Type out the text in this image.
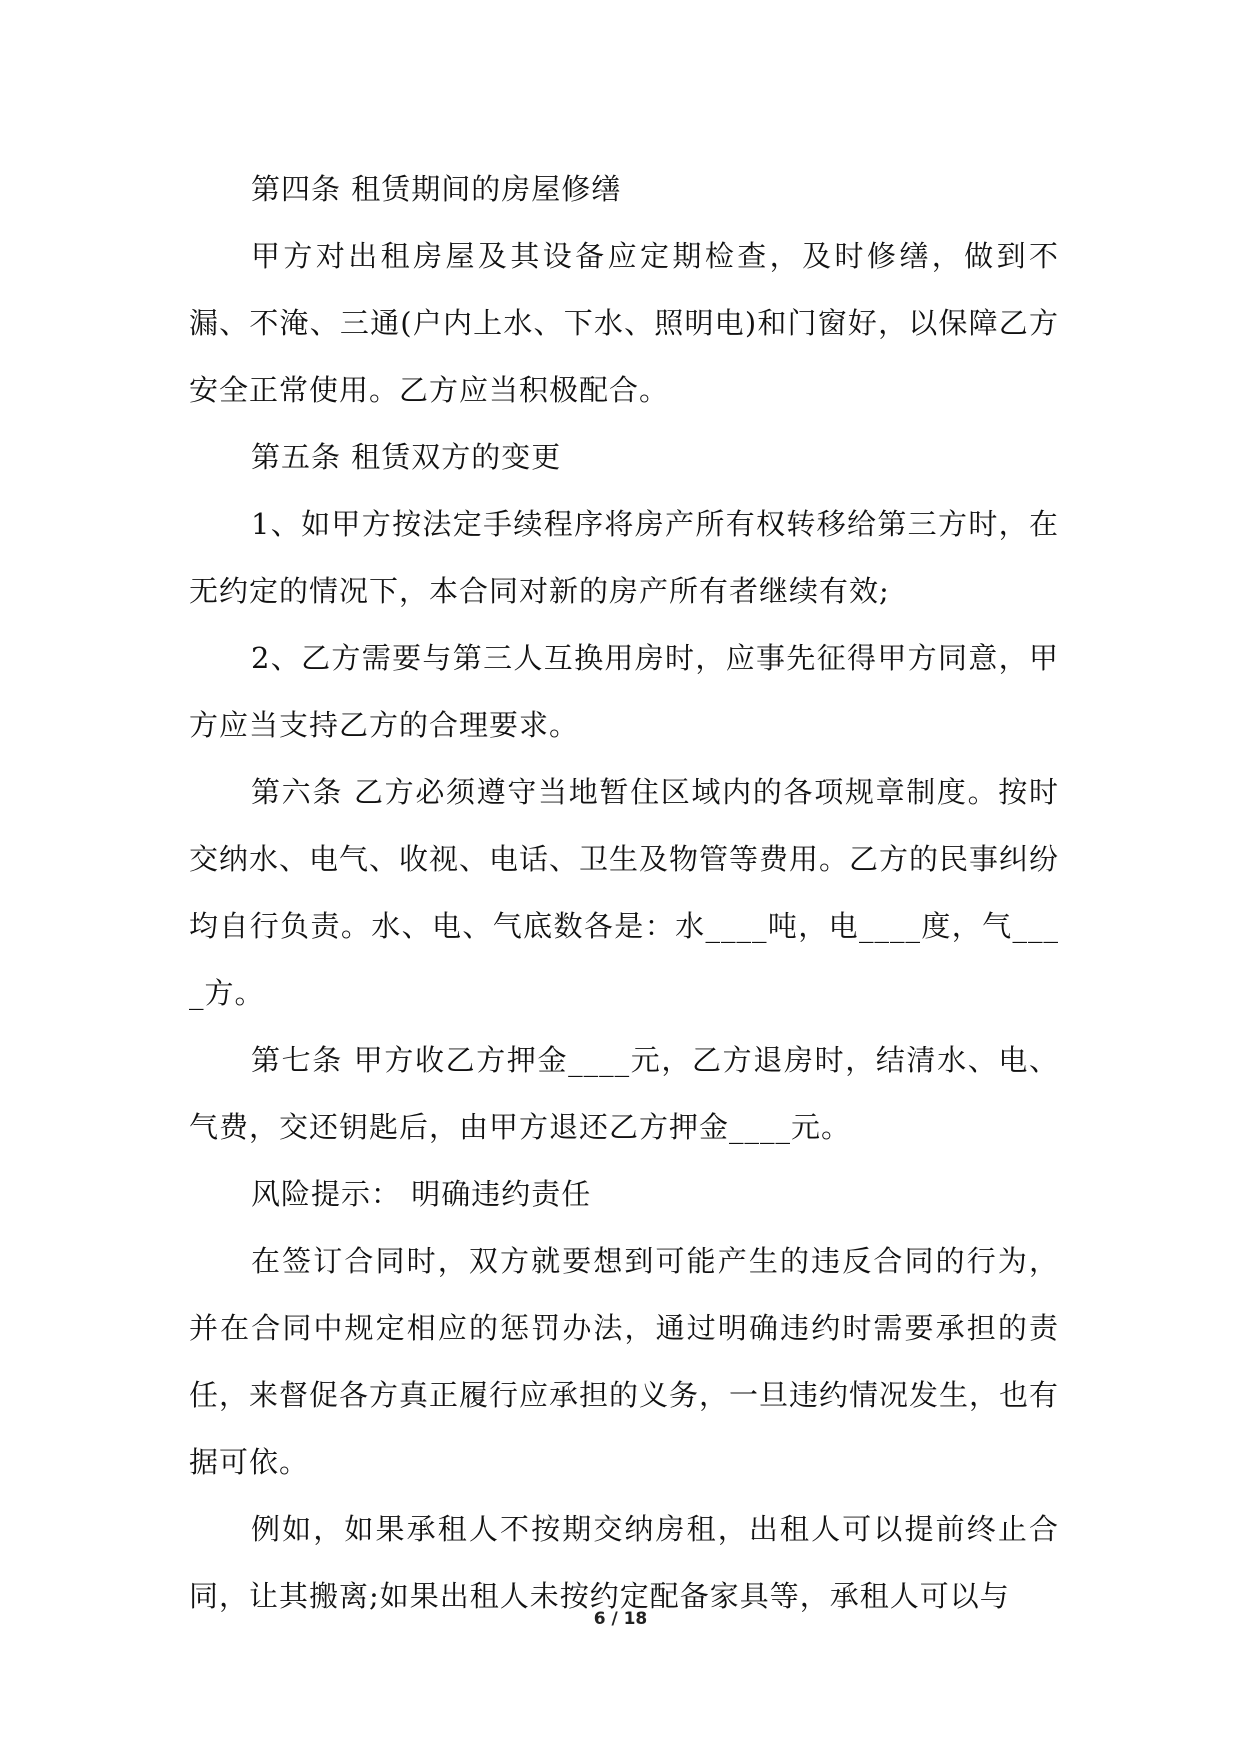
第四条 租赁期间的房屋修缮

甲方对出租房屋及其设备应定期检查，及时修缮，做到不漏、不淹、三通(户内上水、下水、照明电)和门窗好，以保障乙方安全正常使用。乙方应当积极配合。

第五条 租赁双方的变更

1、如甲方按法定手续程序将房产所有权转移给第三方时，在无约定的情况下，本合同对新的房产所有者继续有效;

2、乙方需要与第三人互换用房时，应事先征得甲方同意，甲方应当支持乙方的合理要求。

第六条 乙方必须遵守当地暂住区域内的各项规章制度。按时交纳水、电气、收视、电话、卫生及物管等费用。乙方的民事纠纷均自行负责。水、电、气底数各是：水____吨，电____度，气____方。

第七条 甲方收乙方押金____元，乙方退房时，结清水、电、气费，交还钥匙后，由甲方退还乙方押金____元。

风险提示： 明确违约责任

在签订合同时，双方就要想到可能产生的违反合同的行为，并在合同中规定相应的惩罚办法，通过明确违约时需要承担的责任，来督促各方真正履行应承担的义务，一旦违约情况发生，也有据可依。

例如，如果承租人不按期交纳房租，出租人可以提前终止合同，让其搬离;如果出租人未按约定配备家具等，承租人可以与

6 / 18
